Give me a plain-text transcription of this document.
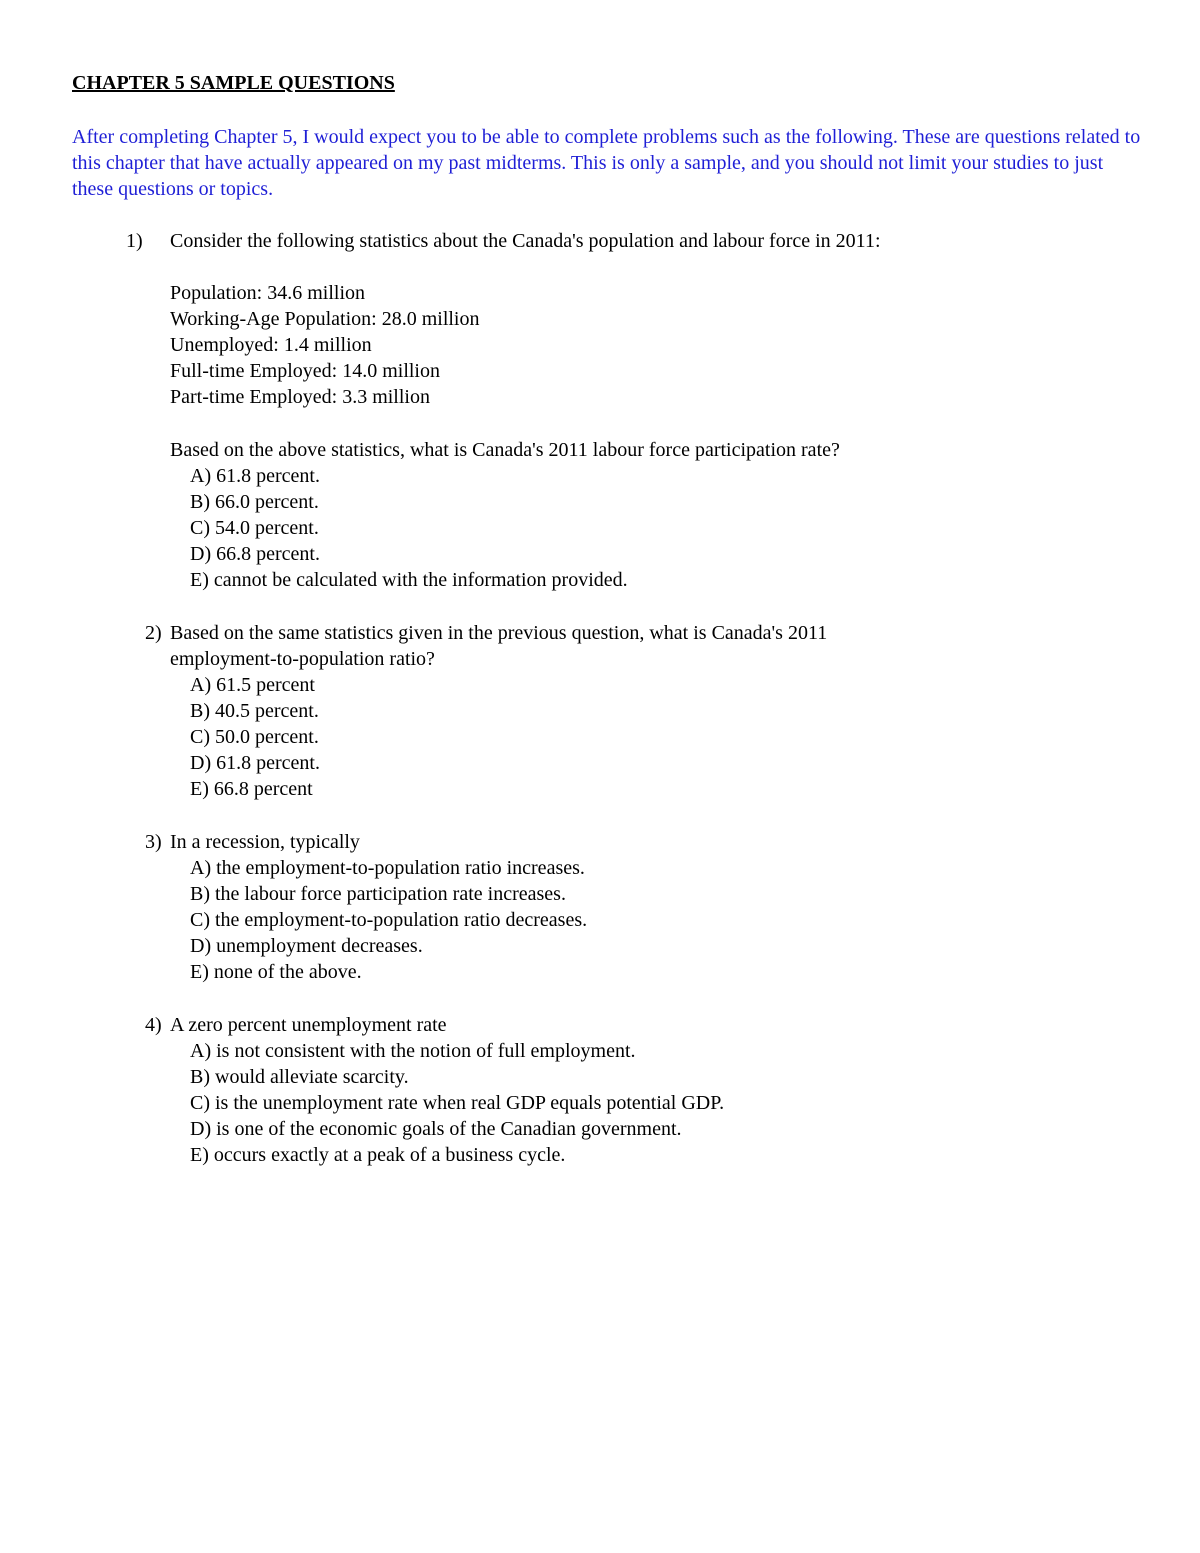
CHAPTER 5 SAMPLE QUESTIONS
After completing Chapter 5, I would expect you to be able to complete problems such as the following. These are questions related to this chapter that have actually appeared on my past midterms. This is only a sample, and you should not limit your studies to just these questions or topics.
1) Consider the following statistics about the Canada's population and labour force in 2011:
Population: 34.6 million
Working-Age Population: 28.0 million
Unemployed: 1.4 million
Full-time Employed: 14.0 million
Part-time Employed: 3.3 million
Based on the above statistics, what is Canada's 2011 labour force participation rate?
A) 61.8 percent.
B) 66.0 percent.
C) 54.0 percent.
D) 66.8 percent.
E) cannot be calculated with the information provided.
2) Based on the same statistics given in the previous question, what is Canada's 2011
employment-to-population ratio?
A) 61.5 percent
B) 40.5 percent.
C) 50.0 percent.
D) 61.8 percent.
E) 66.8 percent
3) In a recession, typically
A) the employment-to-population ratio increases.
B) the labour force participation rate increases.
C) the employment-to-population ratio decreases.
D) unemployment decreases.
E) none of the above.
4) A zero percent unemployment rate
A) is not consistent with the notion of full employment.
B) would alleviate scarcity.
C) is the unemployment rate when real GDP equals potential GDP.
D) is one of the economic goals of the Canadian government.
E) occurs exactly at a peak of a business cycle.
